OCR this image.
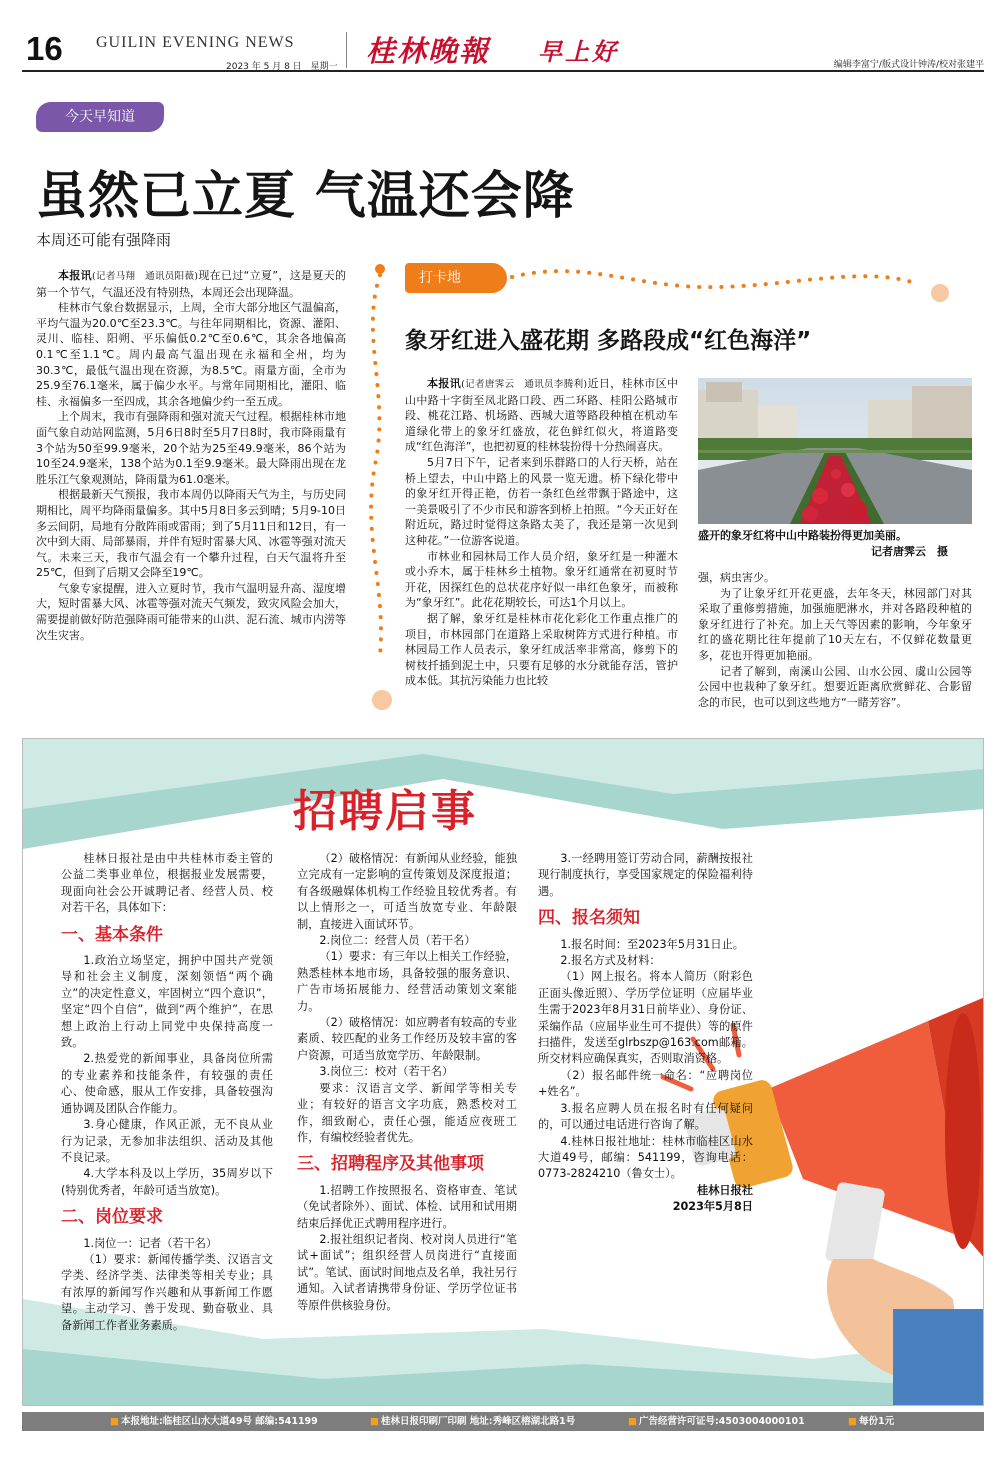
16 GUILIN EVENING NEWS
2023 年 5 月 8 日　星期一 桂林晚報 早上好	编辑李富宁/版式设计钟涛/校对张建平
今天早知道
虽然已立夏 气温还会降
本周还可能有强降雨

本报讯(记者马翔　通讯员阳薇)现在已过“立夏”，这是夏天的第一个节气，气温还没有特别热，本周还会出现降温。

桂林市气象台数据显示，上周，全市大部分地区气温偏高，平均气温为20.0℃至23.3℃。与往年同期相比，资源、灌阳、灵川、临桂、阳朔、平乐偏低0.2℃至0.6℃，其余各地偏高0.1℃至1.1℃。周内最高气温出现在永福和全州，均为30.3℃，最低气温出现在资源，为8.5℃。雨量方面，全市为25.9至76.1毫米，属于偏少水平。与常年同期相比，灌阳、临桂、永福偏多一至四成，其余各地偏少约一至五成。

上个周末，我市有强降雨和强对流天气过程。根据桂林市地面气象自动站网监测，5月6日8时至5月7日8时，我市降雨量有3个站为50至99.9毫米，20个站为25至49.9毫米，86个站为10至24.9毫米，138个站为0.1至9.9毫米。最大降雨出现在龙胜乐江气象观测站，降雨量为61.0毫米。

根据最新天气预报，我市本周仍以降雨天气为主，与历史同期相比，周平均降雨量偏多。其中5月8日多云到晴；5月9-10日多云间阴，局地有分散阵雨或雷雨；到了5月11日和12日，有一次中到大雨、局部暴雨，并伴有短时雷暴大风、冰雹等强对流天气。未来三天，我市气温会有一个攀升过程，白天气温将升至25℃，但到了后期又会降至19℃。

气象专家提醒，进入立夏时节，我市气温明显升高、湿度增大，短时雷暴大风、冰雹等强对流天气频发，致灾风险会加大，需要提前做好防范强降雨可能带来的山洪、泥石流、城市内涝等次生灾害。

打卡地
象牙红进入盛花期 多路段成“红色海洋”

本报讯(记者唐霁云　通讯员李腾利)近日，桂林市区中山中路十字街至凤北路口段、西二环路、桂阳公路城市段、桃花江路、机场路、西城大道等路段种植在机动车道绿化带上的象牙红盛放，花色鲜红似火，将道路变成“红色海洋”，也把初夏的桂林装扮得十分热闹喜庆。

5月7日下午，记者来到乐群路口的人行天桥，站在桥上望去，中山中路上的风景一览无遗。桥下绿化带中的象牙红开得正艳，仿若一条红色丝带飘于路途中，这一美景吸引了不少市民和游客到桥上拍照。“今天正好在附近玩，路过时觉得这条路太美了，我还是第一次见到这种花。”一位游客说道。

市林业和园林局工作人员介绍，象牙红是一种灌木或小乔木，属于桂林乡土植物。象牙红通常在初夏时节开花，因探红色的总状花序好似一串红色象牙，而被称为“象牙红”。此花花期较长，可达1个月以上。

据了解，象牙红是桂林市花化彩化工作重点推广的项目，市林园部门在道路上采取树阵方式进行种植。市林园局工作人员表示，象牙红成活率非常高，修剪下的树枝扦插到泥土中，只要有足够的水分就能存活，管护成本低。其抗污染能力也比较

盛开的象牙红将中山中路装扮得更加美丽。
记者唐霁云　摄

强，病虫害少。

为了让象牙红开花更盛，去年冬天，林园部门对其采取了重修剪措施，加强施肥淋水，并对各路段种植的象牙红进行了补充。加上天气等因素的影响，今年象牙红的盛花期比往年提前了10天左右，不仅鲜花数量更多，花也开得更加艳丽。

记者了解到，南溪山公园、山水公园、虞山公园等公园中也栽种了象牙红。想要近距离欣赏鲜花、合影留念的市民，也可以到这些地方“一睹芳容”。

招聘启事

桂林日报社是由中共桂林市委主管的公益二类事业单位，根据报业发展需要，现面向社会公开诚聘记者、经营人员、校对若干名，具体如下：

一、基本条件

1.政治立场坚定，拥护中国共产党领导和社会主义制度，深刻领悟“两个确立”的决定性意义，牢固树立“四个意识”，坚定“四个自信”，做到“两个维护”，在思想上政治上行动上同党中央保持高度一致。

2.热爱党的新闻事业，具备岗位所需的专业素养和技能条件，有较强的责任心、使命感，服从工作安排，具备较强沟通协调及团队合作能力。

3.身心健康，作风正派，无不良从业行为记录，无参加非法组织、活动及其他不良记录。

4.大学本科及以上学历，35周岁以下(特别优秀者，年龄可适当放宽)。

二、岗位要求

1.岗位一：记者（若干名）

（1）要求：新闻传播学类、汉语言文学类、经济学类、法律类等相关专业；具有浓厚的新闻写作兴趣和从事新闻工作愿望。主动学习、善于发现、勤奋敬业、具备新闻工作者业务素质。

（2）破格情况：有新闻从业经验，能独立完成有一定影响的宣传策划及深度报道；有各级融媒体机构工作经验且较优秀者。有以上情形之一，可适当放宽专业、年龄限制，直接进入面试环节。

2.岗位二：经营人员（若干名）

（1）要求：有三年以上相关工作经验，熟悉桂林本地市场，具备较强的服务意识、广告市场拓展能力、经营活动策划文案能力。

（2）破格情况：如应聘者有较高的专业素质、较匹配的业务工作经历及较丰富的客户资源，可适当放宽学历、年龄限制。

3.岗位三：校对（若干名）

要求：汉语言文学、新闻学等相关专业；有较好的语言文字功底，熟悉校对工作，细致耐心，责任心强，能适应夜班工作，有编校经验者优先。

三、招聘程序及其他事项

1.招聘工作按照报名、资格审查、笔试（免试者除外）、面试、体检、试用和试用期结束后择优正式聘用程序进行。

2.报社组织记者岗、校对岗人员进行“笔试+面试”；组织经营人员岗进行“直接面试”。笔试、面试时间地点及名单，我社另行通知。入试者请携带身份证、学历学位证书等原件供核验身份。

3.一经聘用签订劳动合同，薪酬按报社现行制度执行，享受国家规定的保险福利待遇。

四、报名须知

1.报名时间：至2023年5月31日止。

2.报名方式及材料：

（1）网上报名。将本人简历（附彩色正面头像近照）、学历学位证明（应届毕业生需于2023年8月31日前毕业）、身份证、采编作品（应届毕业生可不提供）等的原件扫描件，发送至glrbszp@163.com邮箱。所交材料应确保真实，否则取消资格。

（2）报名邮件统一命名：“应聘岗位+姓名”。

3.报名应聘人员在报名时有任何疑问的，可以通过电话进行咨询了解。

4.桂林日报社地址：桂林市临桂区山水大道49号，邮编：541199，咨询电话：0773-2824210（鲁女士）。

桂林日报社

2023年5月8日

■ 本报地址:临桂区山水大道49号 邮编:541199	■ 桂林日报印刷厂印刷 地址:秀峰区榕湖北路1号	■ 广告经营许可证号:4503004000101	■ 每份1元
